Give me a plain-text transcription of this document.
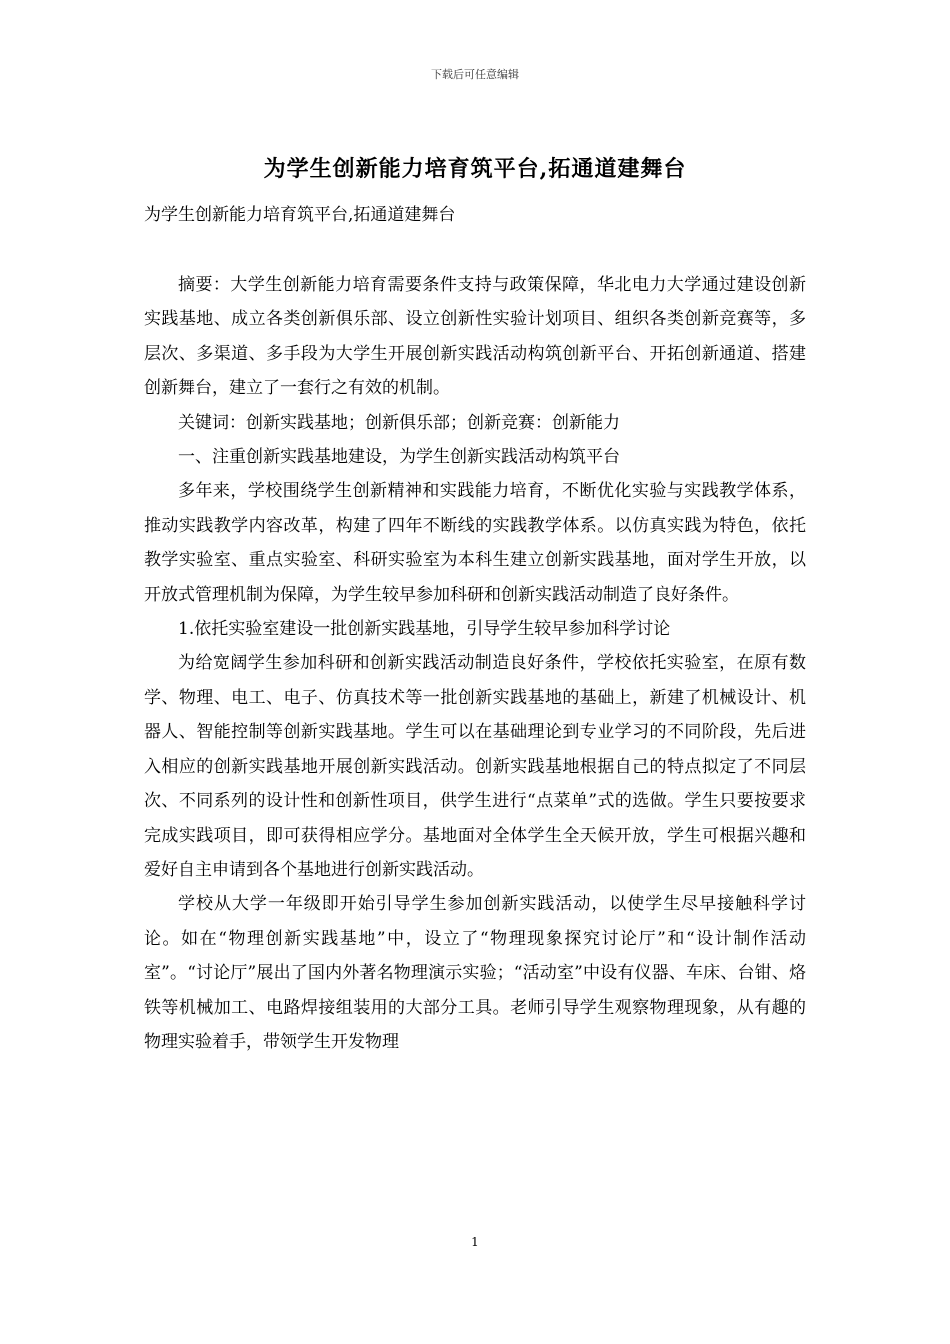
下载后可任意编辑
为学生创新能力培育筑平台,拓通道建舞台
为学生创新能力培育筑平台,拓通道建舞台

摘要：大学生创新能力培育需要条件支持与政策保障，华北电力大学通过建设创新实践基地、成立各类创新俱乐部、设立创新性实验计划项目、组织各类创新竞赛等，多层次、多渠道、多手段为大学生开展创新实践活动构筑创新平台、开拓创新通道、搭建创新舞台，建立了一套行之有效的机制。

关键词：创新实践基地；创新俱乐部；创新竞赛：创新能力

一、注重创新实践基地建设，为学生创新实践活动构筑平台

多年来，学校围绕学生创新精神和实践能力培育，不断优化实验与实践教学体系，推动实践教学内容改革，构建了四年不断线的实践教学体系。以仿真实践为特色，依托教学实验室、重点实验室、科研实验室为本科生建立创新实践基地，面对学生开放，以开放式管理机制为保障，为学生较早参加科研和创新实践活动制造了良好条件。

1.依托实验室建设一批创新实践基地，引导学生较早参加科学讨论

为给宽阔学生参加科研和创新实践活动制造良好条件，学校依托实验室，在原有数学、物理、电工、电子、仿真技术等一批创新实践基地的基础上，新建了机械设计、机器人、智能控制等创新实践基地。学生可以在基础理论到专业学习的不同阶段，先后进入相应的创新实践基地开展创新实践活动。创新实践基地根据自己的特点拟定了不同层次、不同系列的设计性和创新性项目，供学生进行“点菜单”式的选做。学生只要按要求完成实践项目，即可获得相应学分。基地面对全体学生全天候开放，学生可根据兴趣和爱好自主申请到各个基地进行创新实践活动。

学校从大学一年级即开始引导学生参加创新实践活动，以使学生尽早接触科学讨论。如在“物理创新实践基地”中，设立了“物理现象探究讨论厅”和“设计制作活动室”。“讨论厅”展出了国内外著名物理演示实验；“活动室”中设有仪器、车床、台钳、烙铁等机械加工、电路焊接组装用的大部分工具。老师引导学生观察物理现象，从有趣的物理实验着手，带领学生开发物理

1
